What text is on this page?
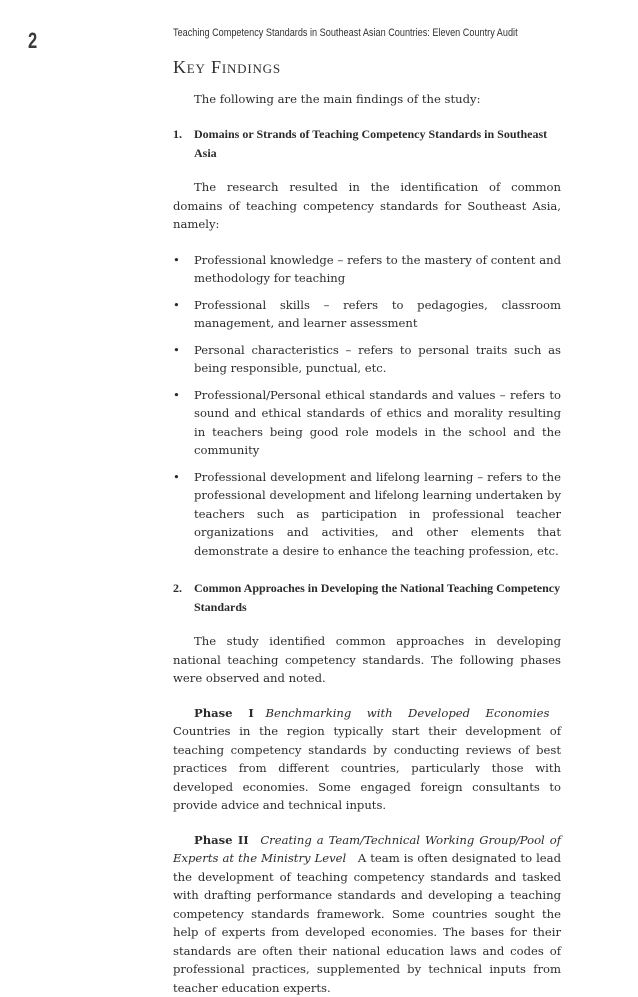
2	Teaching Competency Standards in Southeast Asian Countries: Eleven Country Audit
Key Findings

The following are the main findings of the study:

1.	Domains or Strands of Teaching Competency Standards in Southeast Asia

The research resulted in the identification of common domains of teaching competency standards for Southeast Asia, namely:

•	Professional knowledge – refers to the mastery of content and methodology for teaching
•	Professional skills – refers to pedagogies, classroom management, and learner assessment
•	Personal characteristics – refers to personal traits such as being responsible, punctual, etc.
•	Professional/Personal ethical standards and values – refers to sound and ethical standards of ethics and morality resulting in teachers being good role models in the school and the community
•	Professional development and lifelong learning – refers to the professional development and lifelong learning undertaken by teachers such as participation in professional teacher organizations and activities, and other elements that demonstrate a desire to enhance the teaching profession, etc.
2.	Common Approaches in Developing the National Teaching Competency Standards

The study identified common approaches in developing national teaching competency standards. The following phases were observed and noted.

Phase I  Benchmarking with Developed Economies Countries in the region typically start their development of teaching competency standards by conducting reviews of best practices from different countries, particularly those with developed economies. Some engaged foreign consultants to provide advice and technical inputs.

Phase II  Creating a Team/Technical Working Group/Pool of Experts at the Ministry Level  A team is often designated to lead the development of teaching competency standards and tasked with drafting performance standards and developing a teaching competency standards framework. Some countries sought the help of experts from developed economies. The bases for their standards are often their national education laws and codes of professional practices, supplemented by technical inputs from teacher education experts.
